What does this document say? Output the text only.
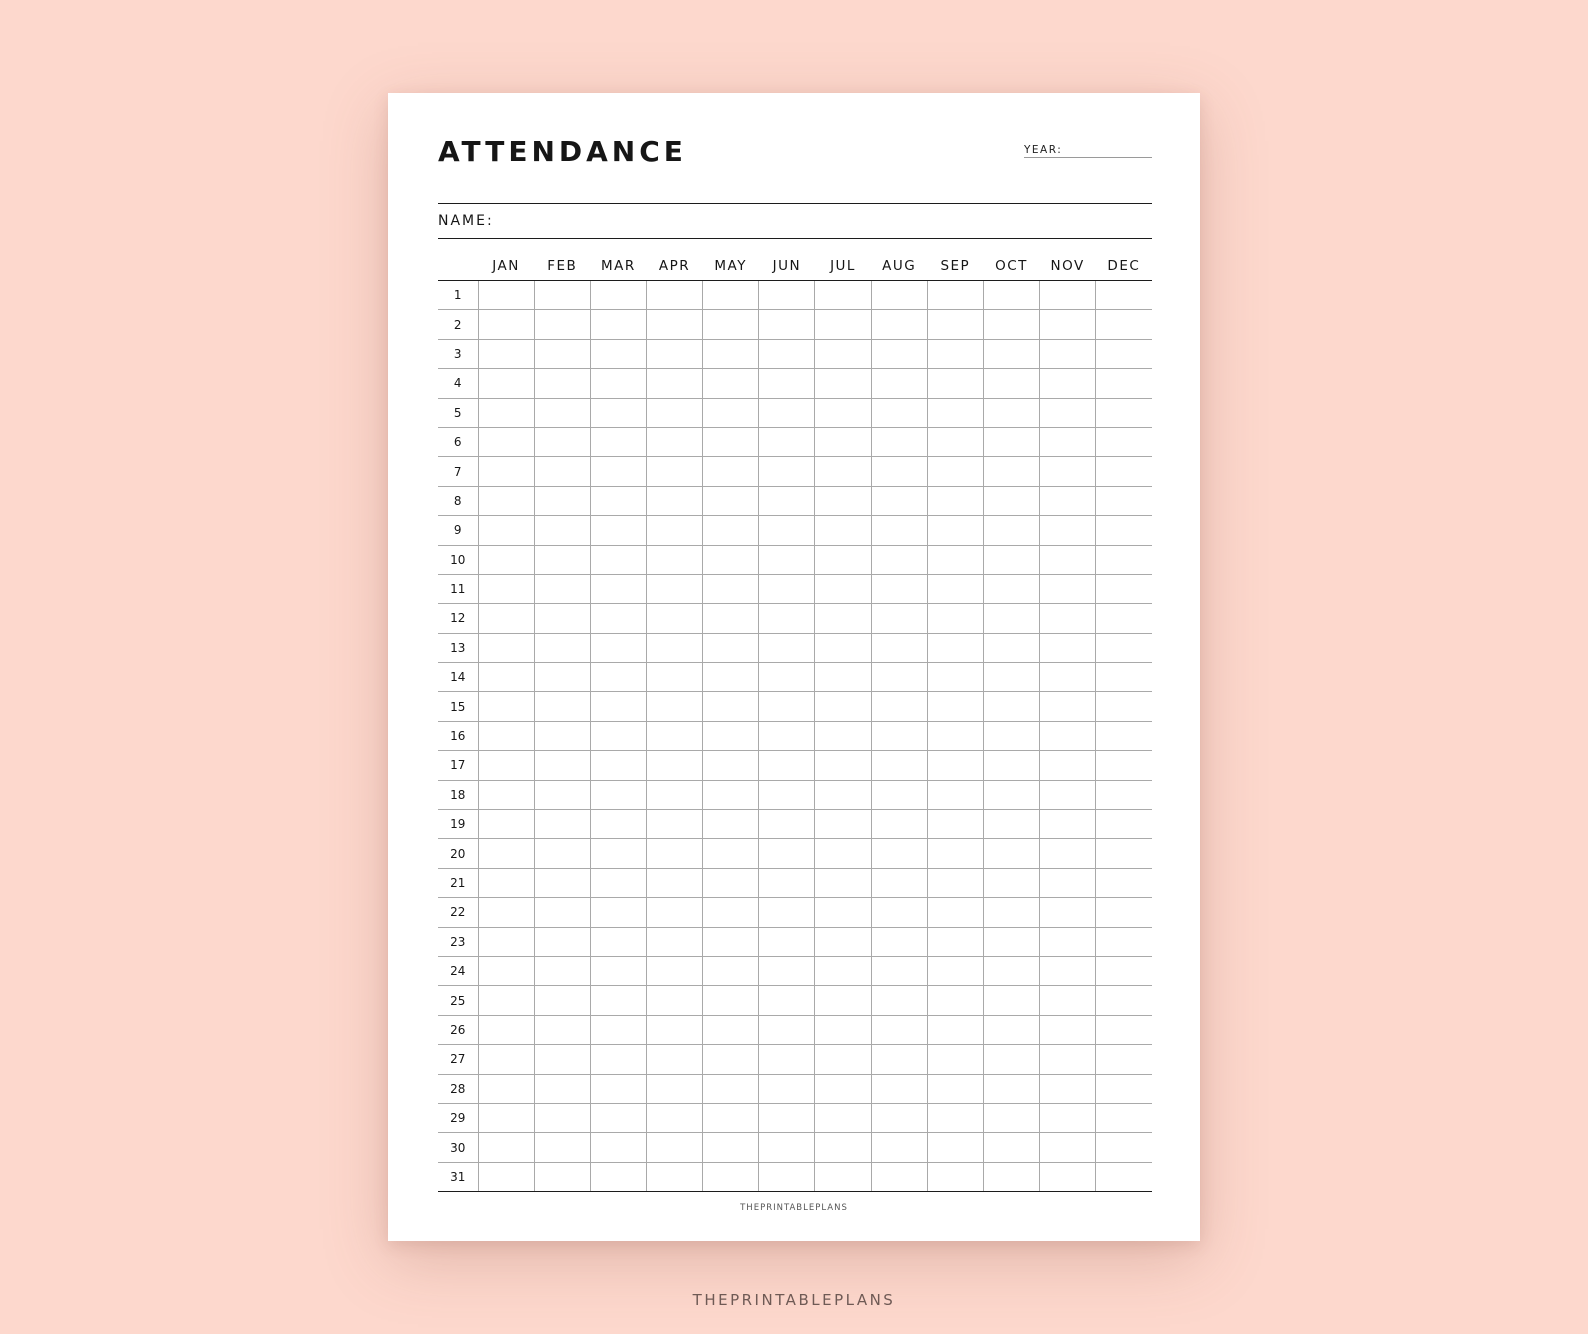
ATTENDANCE	YEAR:
NAME:
	JAN	FEB	MAR	APR	MAY	JUN	JUL	AUG	SEP	OCT	NOV	DEC
1												
2												
3												
4												
5												
6												
7												
8												
9												
10												
11												
12												
13												
14												
15												
16												
17												
18												
19												
20												
21												
22												
23												
24												
25												
26												
27												
28												
29												
30												
31												
THEPRINTABLEPLANS
THEPRINTABLEPLANS
